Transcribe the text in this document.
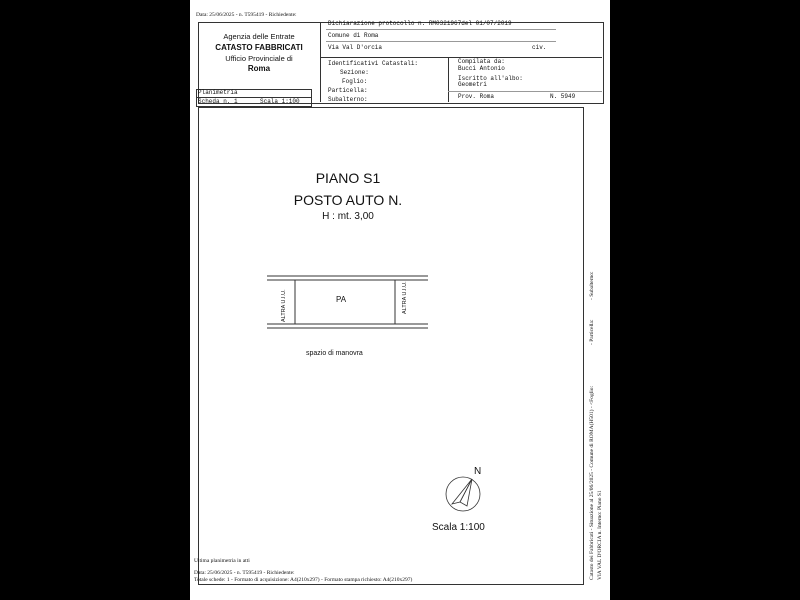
Data: 25/06/2025 - n. T595419 - Richiedente:
Agenzia delle Entrate
CATASTO FABBRICATI
Ufficio Provinciale di
Roma
Dichiarazione protocollo n. RM0321967del 01/07/2019
Comune di Roma
Via Val D'orcia	civ.
Identificativi Catastali:
Sezione:
Foglio:
Particella:
Subalterno:
Compilata da:
Bucci Antonio
Iscritto all'albo:
Geometri
Prov. Roma	N. 5949
Planimetria
Scheda n. 1	Scala 1:100
PIANO S1
POSTO AUTO N.
H : mt. 3,00
ALTRA U.I.U.	PA	ALTRA U.I.U.
spazio di manovra
N
Scala 1:100	Catasto dei Fabbricati - Situazione al 25/06/2025 - Comune di ROMA(H501) - <Foglio:
- Particella:
- Subalterno:
VIA VAL D'ORCIA n. Interno: Piano S1
Ultima planimetria in atti
Data: 25/06/2025 - n. T595419 - Richiedente:
Totale schede: 1 - Formato di acquisizione: A4(210x297) - Formato stampa richiesto: A4(210x297)
